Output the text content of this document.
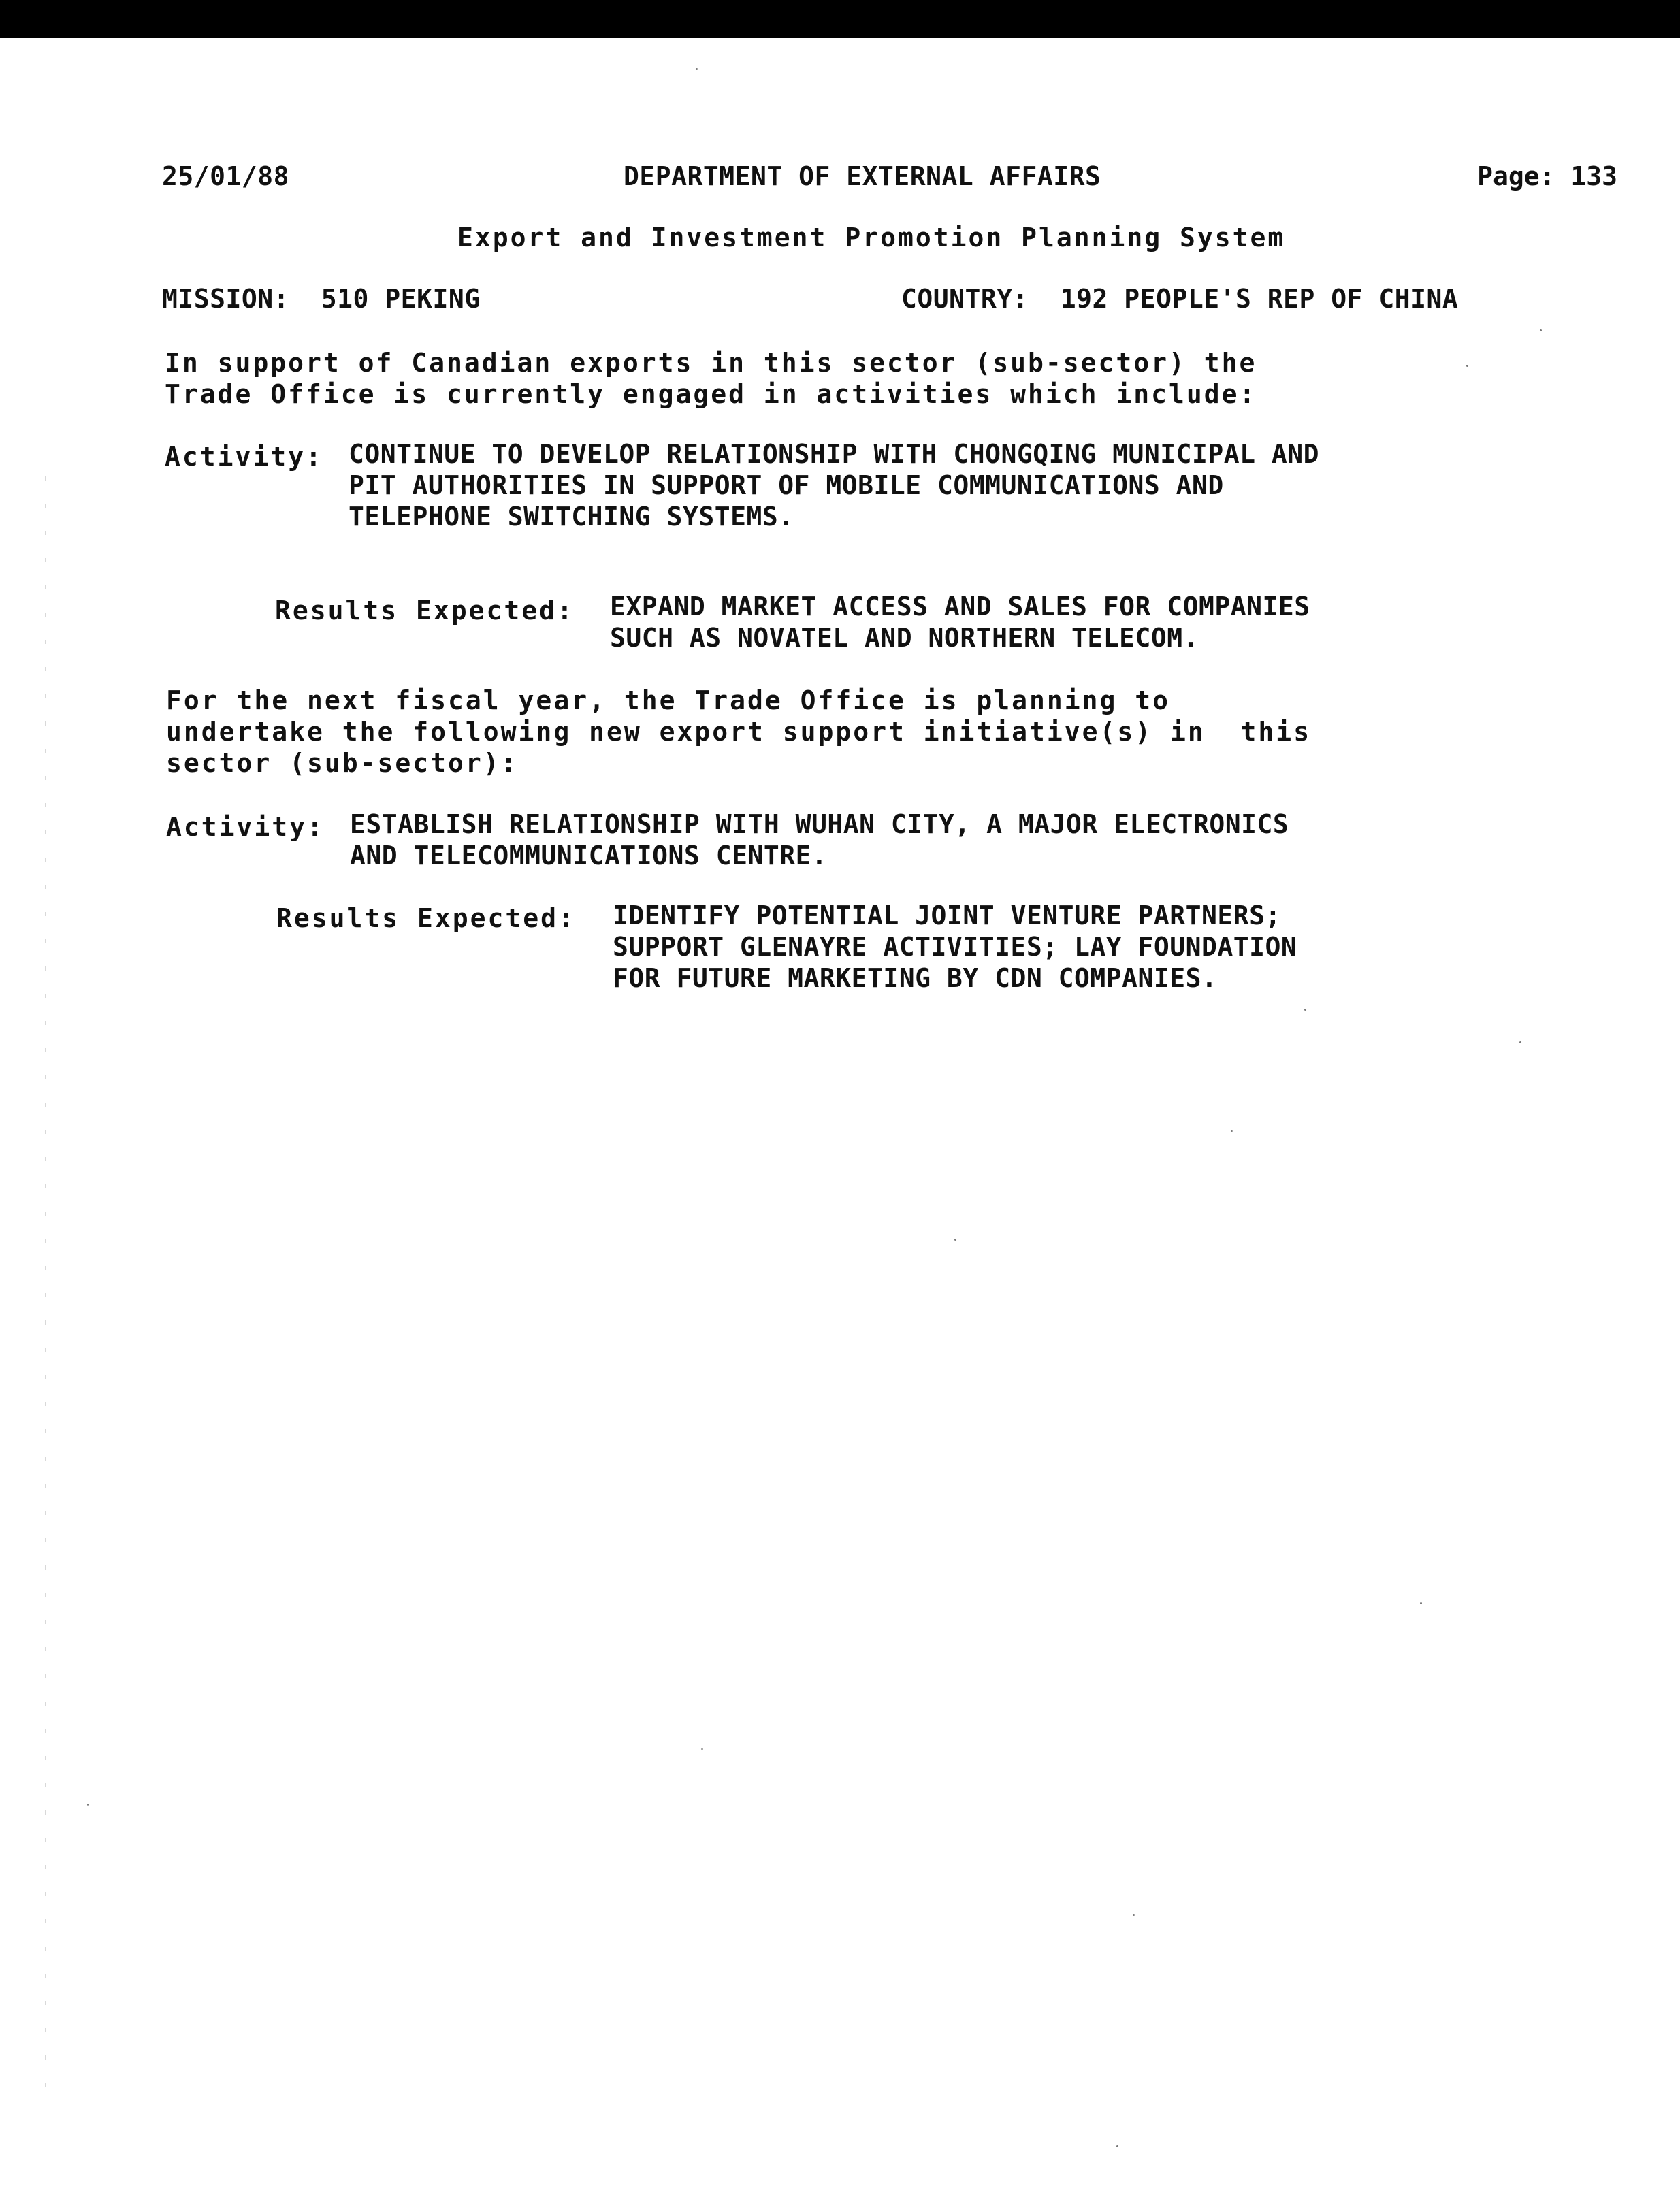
25/01/88	DEPARTMENT OF EXTERNAL AFFAIRS	Page: 133
Export and Investment Promotion Planning System
MISSION: 510 PEKING	COUNTRY: 192 PEOPLE'S REP OF CHINA
In support of Canadian exports in this sector (sub-sector) the
Trade Office is currently engaged in activities which include:
Activity: CONTINUE TO DEVELOP RELATIONSHIP WITH CHONGQING MUNICIPAL AND
PIT AUTHORITIES IN SUPPORT OF MOBILE COMMUNICATIONS AND
TELEPHONE SWITCHING SYSTEMS.
Results Expected: EXPAND MARKET ACCESS AND SALES FOR COMPANIES
SUCH AS NOVATEL AND NORTHERN TELECOM.
For the next fiscal year, the Trade Office is planning to
undertake the following new export support initiative(s) in  this
sector (sub-sector):
Activity: ESTABLISH RELATIONSHIP WITH WUHAN CITY, A MAJOR ELECTRONICS
AND TELECOMMUNICATIONS CENTRE.
Results Expected: IDENTIFY POTENTIAL JOINT VENTURE PARTNERS;
SUPPORT GLENAYRE ACTIVITIES; LAY FOUNDATION
FOR FUTURE MARKETING BY CDN COMPANIES.
